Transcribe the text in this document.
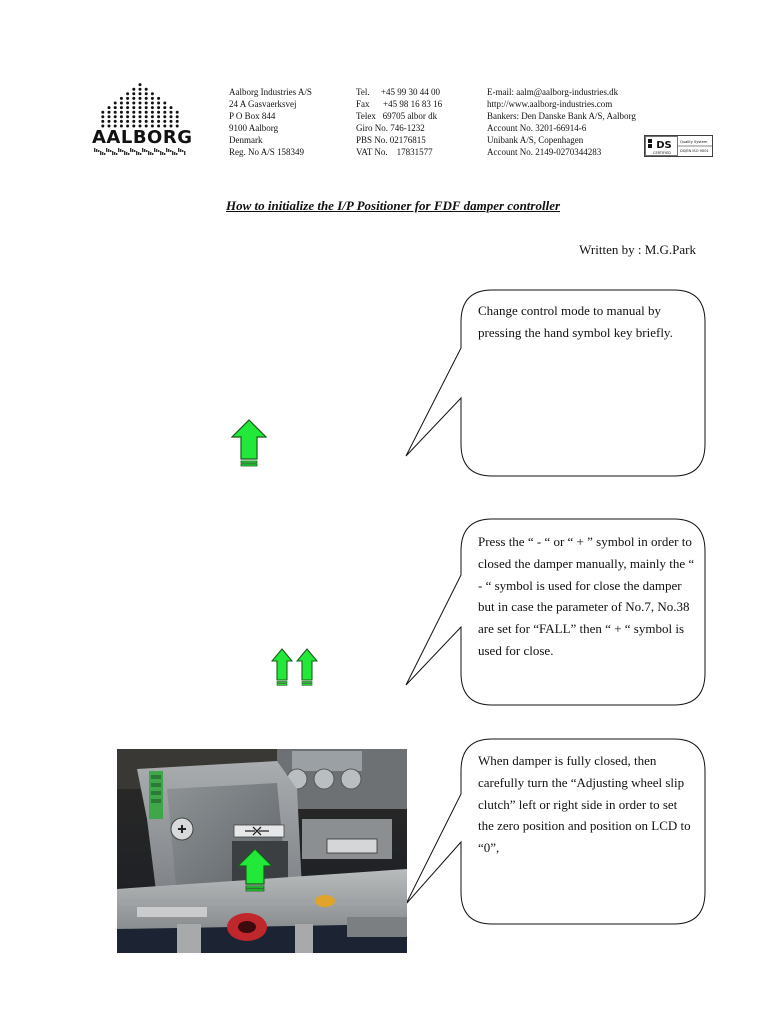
AALBORG
Aalborg Industries A/S
24 A Gasvaerksvej
P O Box 844
9100 Aalborg
Denmark
Reg. No A/S 158349
Tel.     +45 99 30 44 00
Fax      +45 98 16 83 16
Telex   69705 albor dk
Giro No. 746-1232
PBS No. 02176815
VAT No.    17831577
E-mail: aalm@aalborg-industries.dk
http://www.aalborg-industries.com
Bankers: Den Danske Bank A/S, Aalborg
Account No. 3201-66914-6
Unibank A/S, Copenhagen
Account No. 2149-0270344283
DS
CERTIFIED
Quality System
DS/EN ISO 9001
How to initialize the I/P Positioner for FDF damper controller
Written by : M.G.Park
Change control mode to manual by pressing the hand symbol key briefly.
Press the “ - “ or “ + ” symbol in order to closed the damper manually, mainly the “ - “ symbol is used for close the damper but in case the parameter of No.7, No.38 are set for “FALL” then “ + “ symbol is used for close.
When damper is fully closed, then carefully turn the “Adjusting wheel slip clutch” left or right side in order to set the zero position and position on LCD to “0”,
